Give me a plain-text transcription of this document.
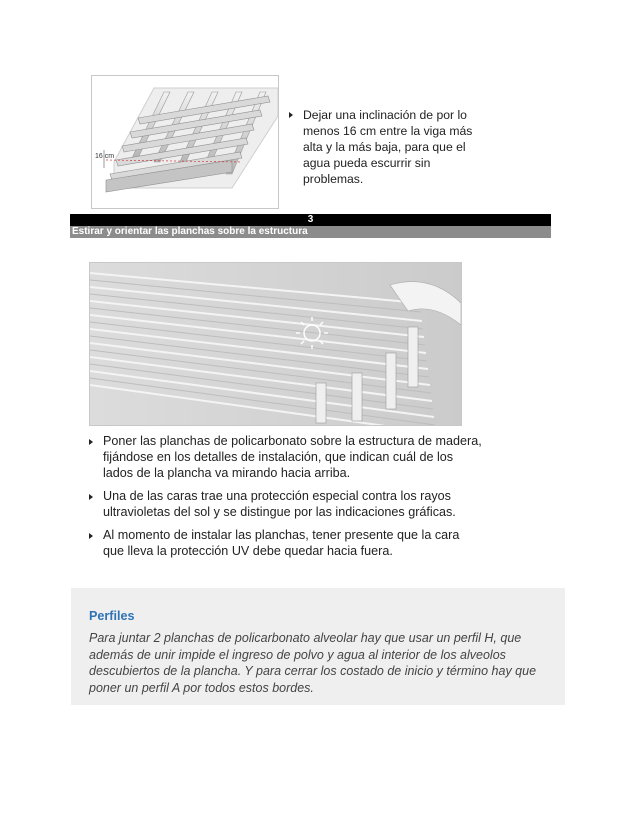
16 cm
Dejar una inclinación de por lo menos 16 cm entre la viga más alta y la más baja, para que el agua pueda escurrir sin problemas.
3
Estirar y orientar las planchas sobre la estructura
Poner las planchas de policarbonato sobre la estructura de madera, fijándose en los detalles de instalación, que indican cuál de los lados de la plancha va mirando hacia arriba.
Una de las caras trae una protección especial contra los rayos ultravioletas del sol y se distingue por las indicaciones gráficas.
Al momento de instalar las planchas, tener presente que la cara que lleva la protección UV debe quedar hacia fuera.
Perfiles

Para juntar 2 planchas de policarbonato alveolar hay que usar un perfil H, que además de unir impide el ingreso de polvo y agua al interior de los alveolos descubiertos de la plancha. Y para cerrar los costado de inicio y término hay que poner un perfil A por todos estos bordes.
